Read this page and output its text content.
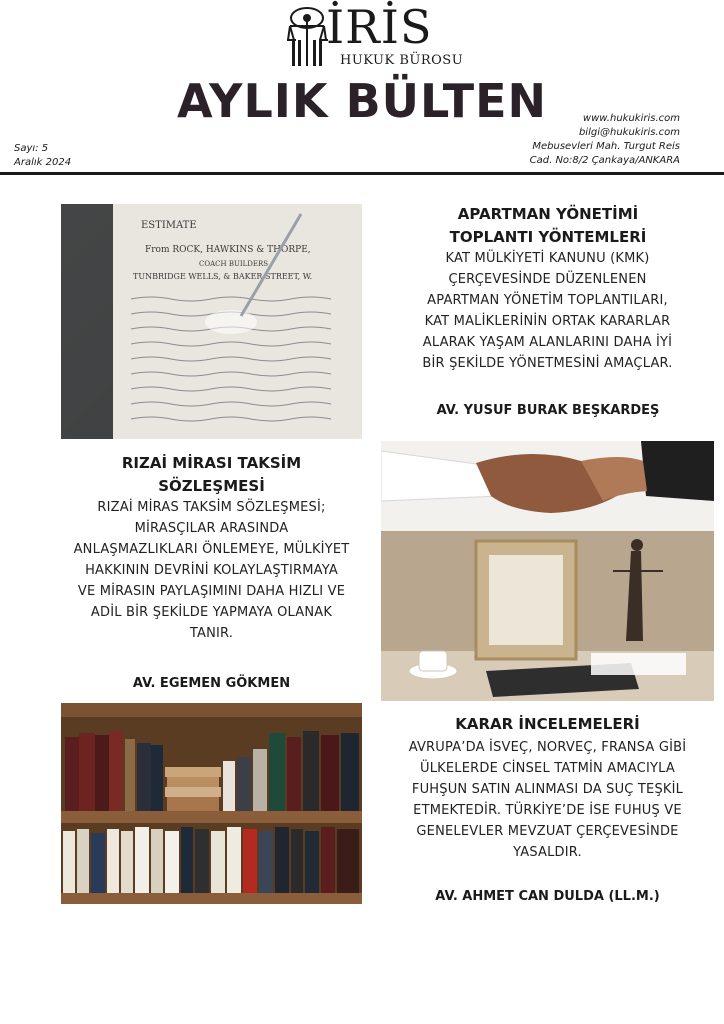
İRİS
HUKUK BÜROSU
AYLIK BÜLTEN
Sayı: 5
Aralık 2024
www.hukukiris.com
bilgi@hukukiris.com
Mebusevleri Mah. Turgut Reis
Cad. No:8/2 Çankaya/ANKARA
ESTIMATE
From ROCK, HAWKINS & THORPE,
COACH BUILDERS
TUNBRIDGE WELLS, & BAKER STREET, W.
APARTMAN YÖNETİMİ
TOPLANTI YÖNTEMLERİ
KAT MÜLKİYETİ KANUNU (KMK)
ÇERÇEVESİNDE DÜZENLENEN
APARTMAN YÖNETİM TOPLANTILARI,
KAT MALİKLERİNİN ORTAK KARARLAR
ALARAK YAŞAM ALANLARINI DAHA İYİ
BİR ŞEKİLDE YÖNETMESİNİ AMAÇLAR.
AV. YUSUF BURAK BEŞKARDEŞ
RIZAİ MİRASI TAKSİM
SÖZLEŞMESİ
RIZAİ MİRAS TAKSİM SÖZLEŞMESİ;
MİRASÇILAR ARASINDA
ANLAŞMAZLIKLARI ÖNLEMEYE, MÜLKİYET
HAKKININ DEVRİNİ KOLAYLAŞTIRMAYA
VE MİRASIN PAYLAŞIMINI DAHA HIZLI VE
ADİL BİR ŞEKİLDE YAPMAYA OLANAK
TANIR.
AV. EGEMEN GÖKMEN
KARAR İNCELEMELERİ
AVRUPA’DA İSVEÇ, NORVEÇ, FRANSA GİBİ
ÜLKELERDE CİNSEL TATMİN AMACIYLA
FUHŞUN SATIN ALINMASI DA SUÇ TEŞKİL
ETMEKTEDİR. TÜRKİYE’DE İSE FUHUŞ VE
GENELEVLER MEVZUAT ÇERÇEVESİNDE
YASALDIR.
AV. AHMET CAN DULDA (LL.M.)
